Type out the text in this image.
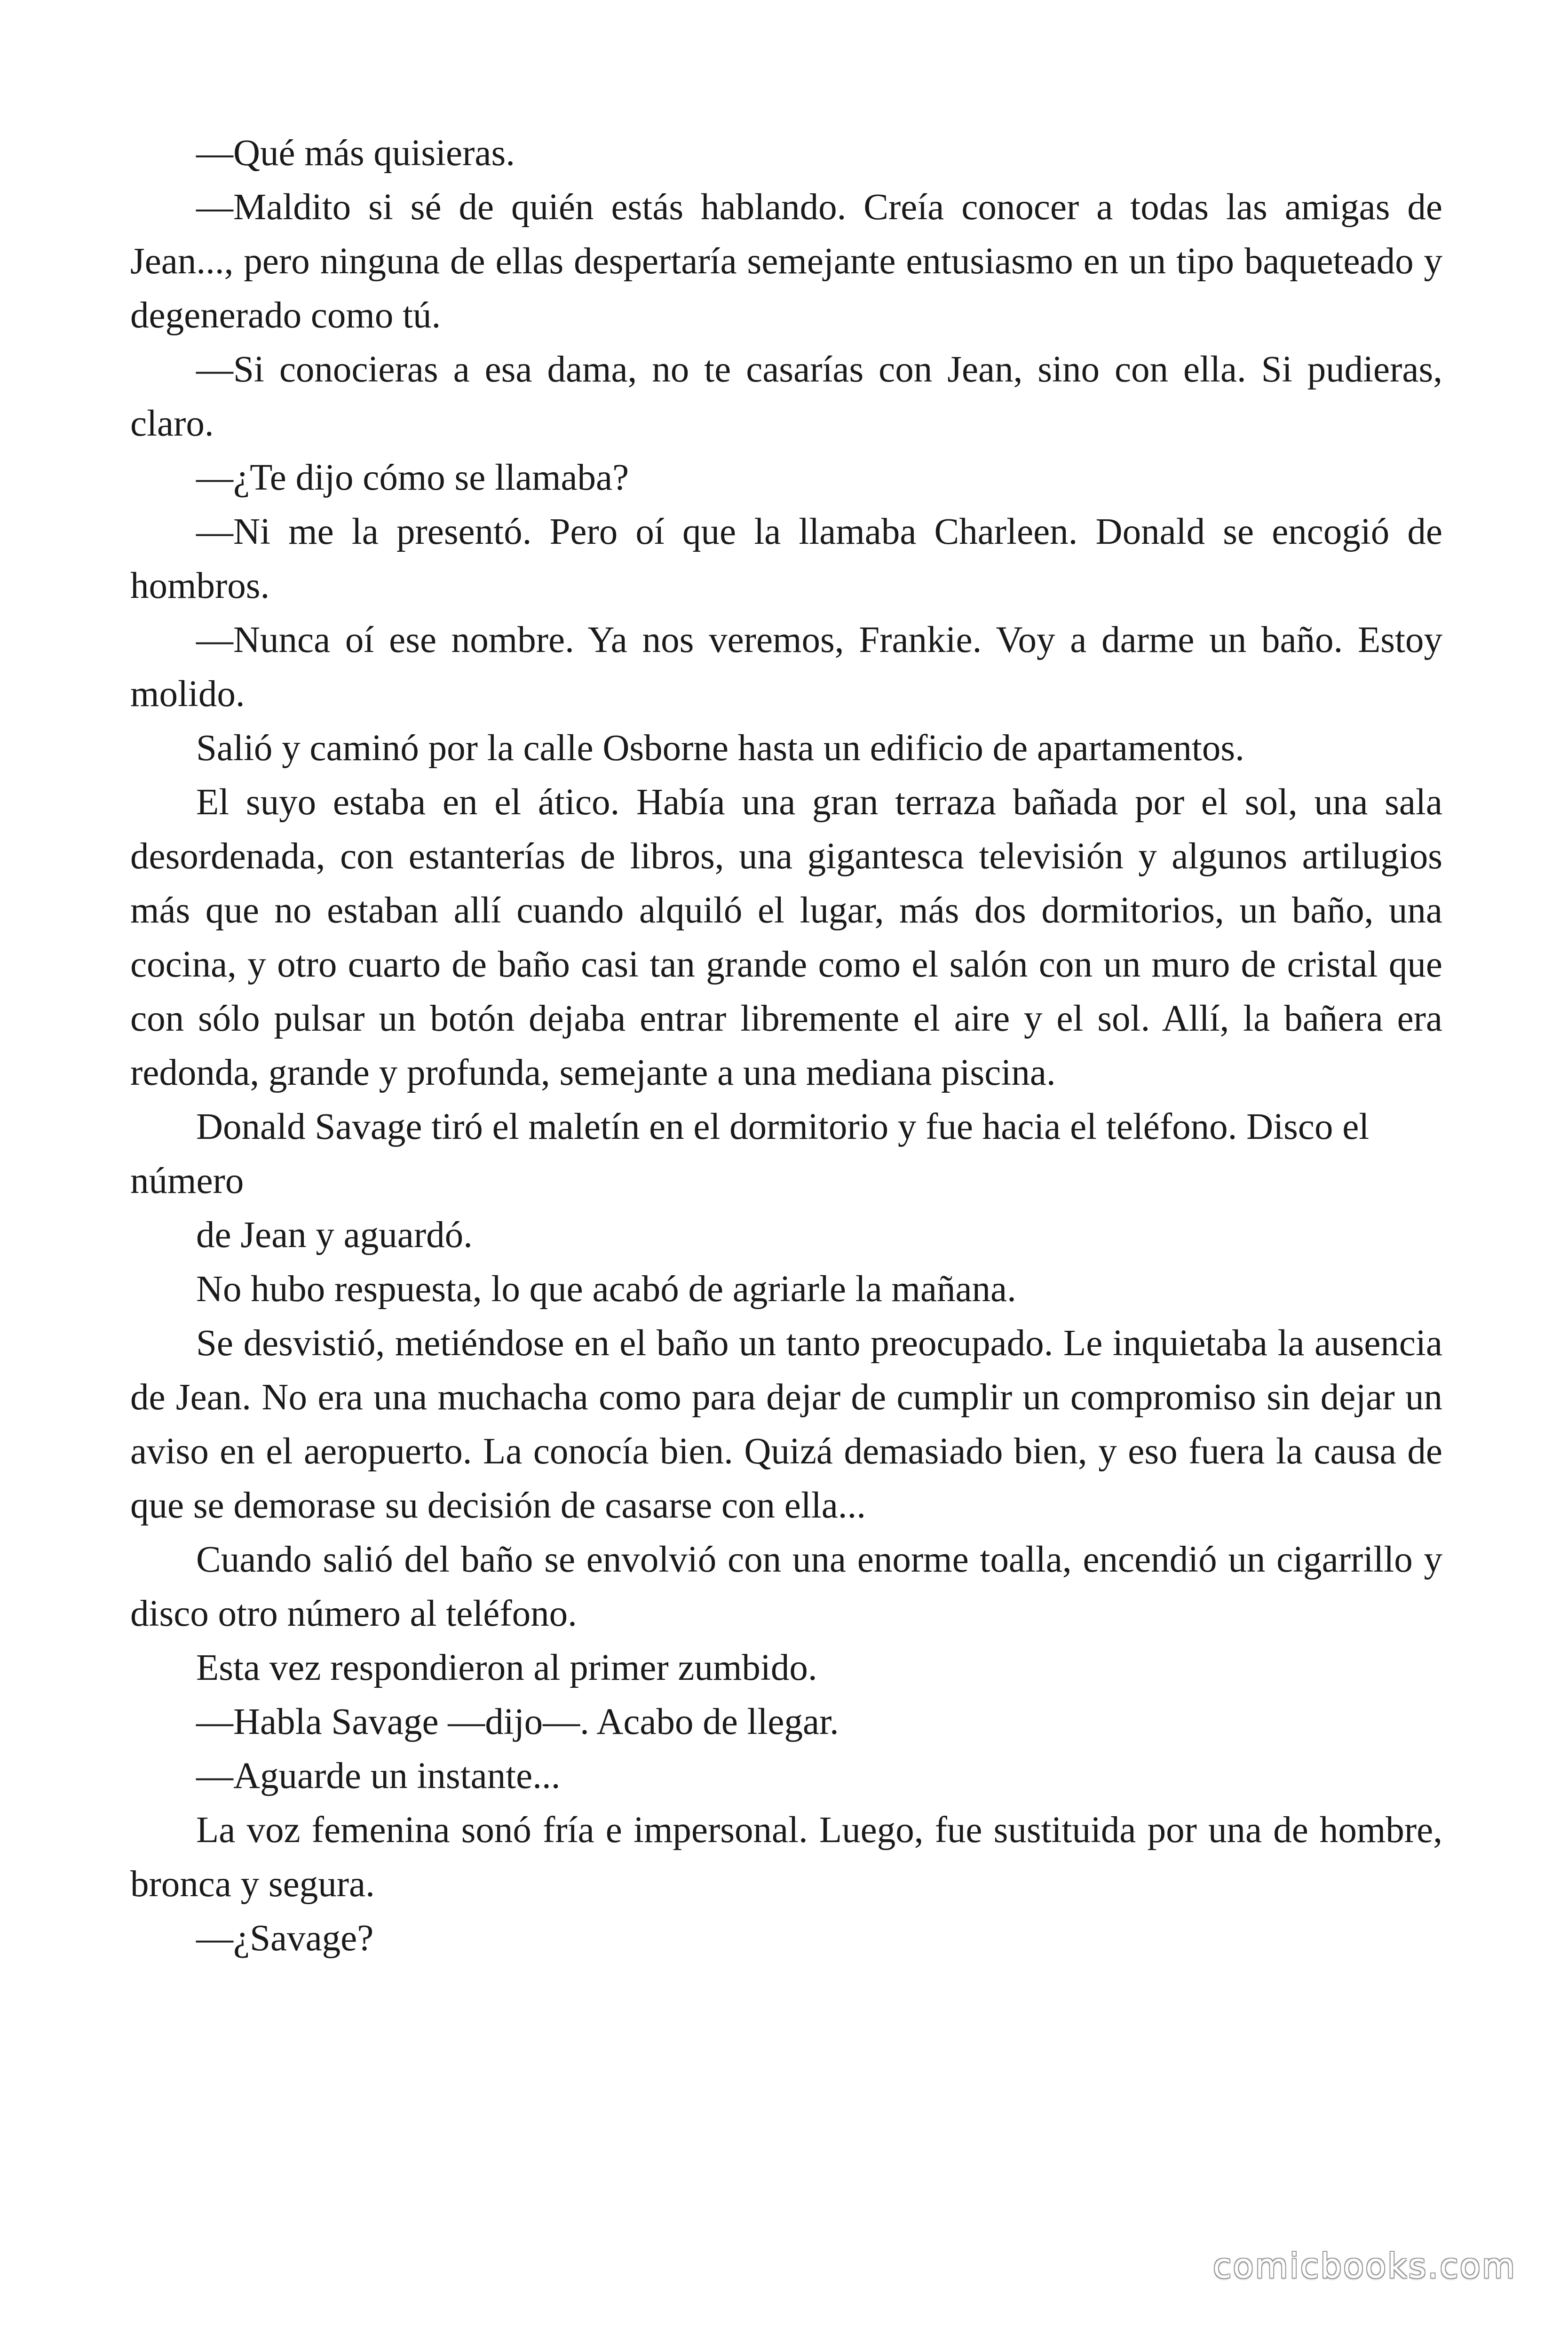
—Qué más quisieras.

—Maldito si sé de quién estás hablando. Creía conocer a todas las amigas de Jean..., pero ninguna de ellas despertaría semejante entusiasmo en un tipo baqueteado y degenerado como tú.

—Si conocieras a esa dama, no te casarías con Jean, sino con ella. Si pudieras, claro.

—¿Te dijo cómo se llamaba?

—Ni me la presentó. Pero oí que la llamaba Charleen. Donald se encogió de hombros.

—Nunca oí ese nombre. Ya nos veremos, Frankie. Voy a darme un baño. Estoy molido.

Salió y caminó por la calle Osborne hasta un edificio de apartamentos.

El suyo estaba en el ático. Había una gran terraza bañada por el sol, una sala desordenada, con estanterías de libros, una gigantesca televisión y algunos artilugios más que no estaban allí cuando alquiló el lugar, más dos dormitorios, un baño, una cocina, y otro cuarto de baño casi tan grande como el salón con un muro de cristal que con sólo pulsar un botón dejaba entrar libremente el aire y el sol. Allí, la bañera era redonda, grande y profunda, semejante a una mediana piscina.

Donald Savage tiró el maletín en el dormitorio y fue hacia el teléfono. Disco el número

de Jean y aguardó.

No hubo respuesta, lo que acabó de agriarle la mañana.

Se desvistió, metiéndose en el baño un tanto preocupado. Le inquietaba la ausencia de Jean. No era una muchacha como para dejar de cumplir un compromiso sin dejar un aviso en el aeropuerto. La conocía bien. Quizá demasiado bien, y eso fuera la causa de que se demorase su decisión de casarse con ella...

Cuando salió del baño se envolvió con una enorme toalla, encendió un cigarrillo y disco otro número al teléfono.

Esta vez respondieron al primer zumbido.

—Habla Savage —dijo—. Acabo de llegar.

—Aguarde un instante...

La voz femenina sonó fría e impersonal. Luego, fue sustituida por una de hombre, bronca y segura.

—¿Savage?

comicbooks.com
